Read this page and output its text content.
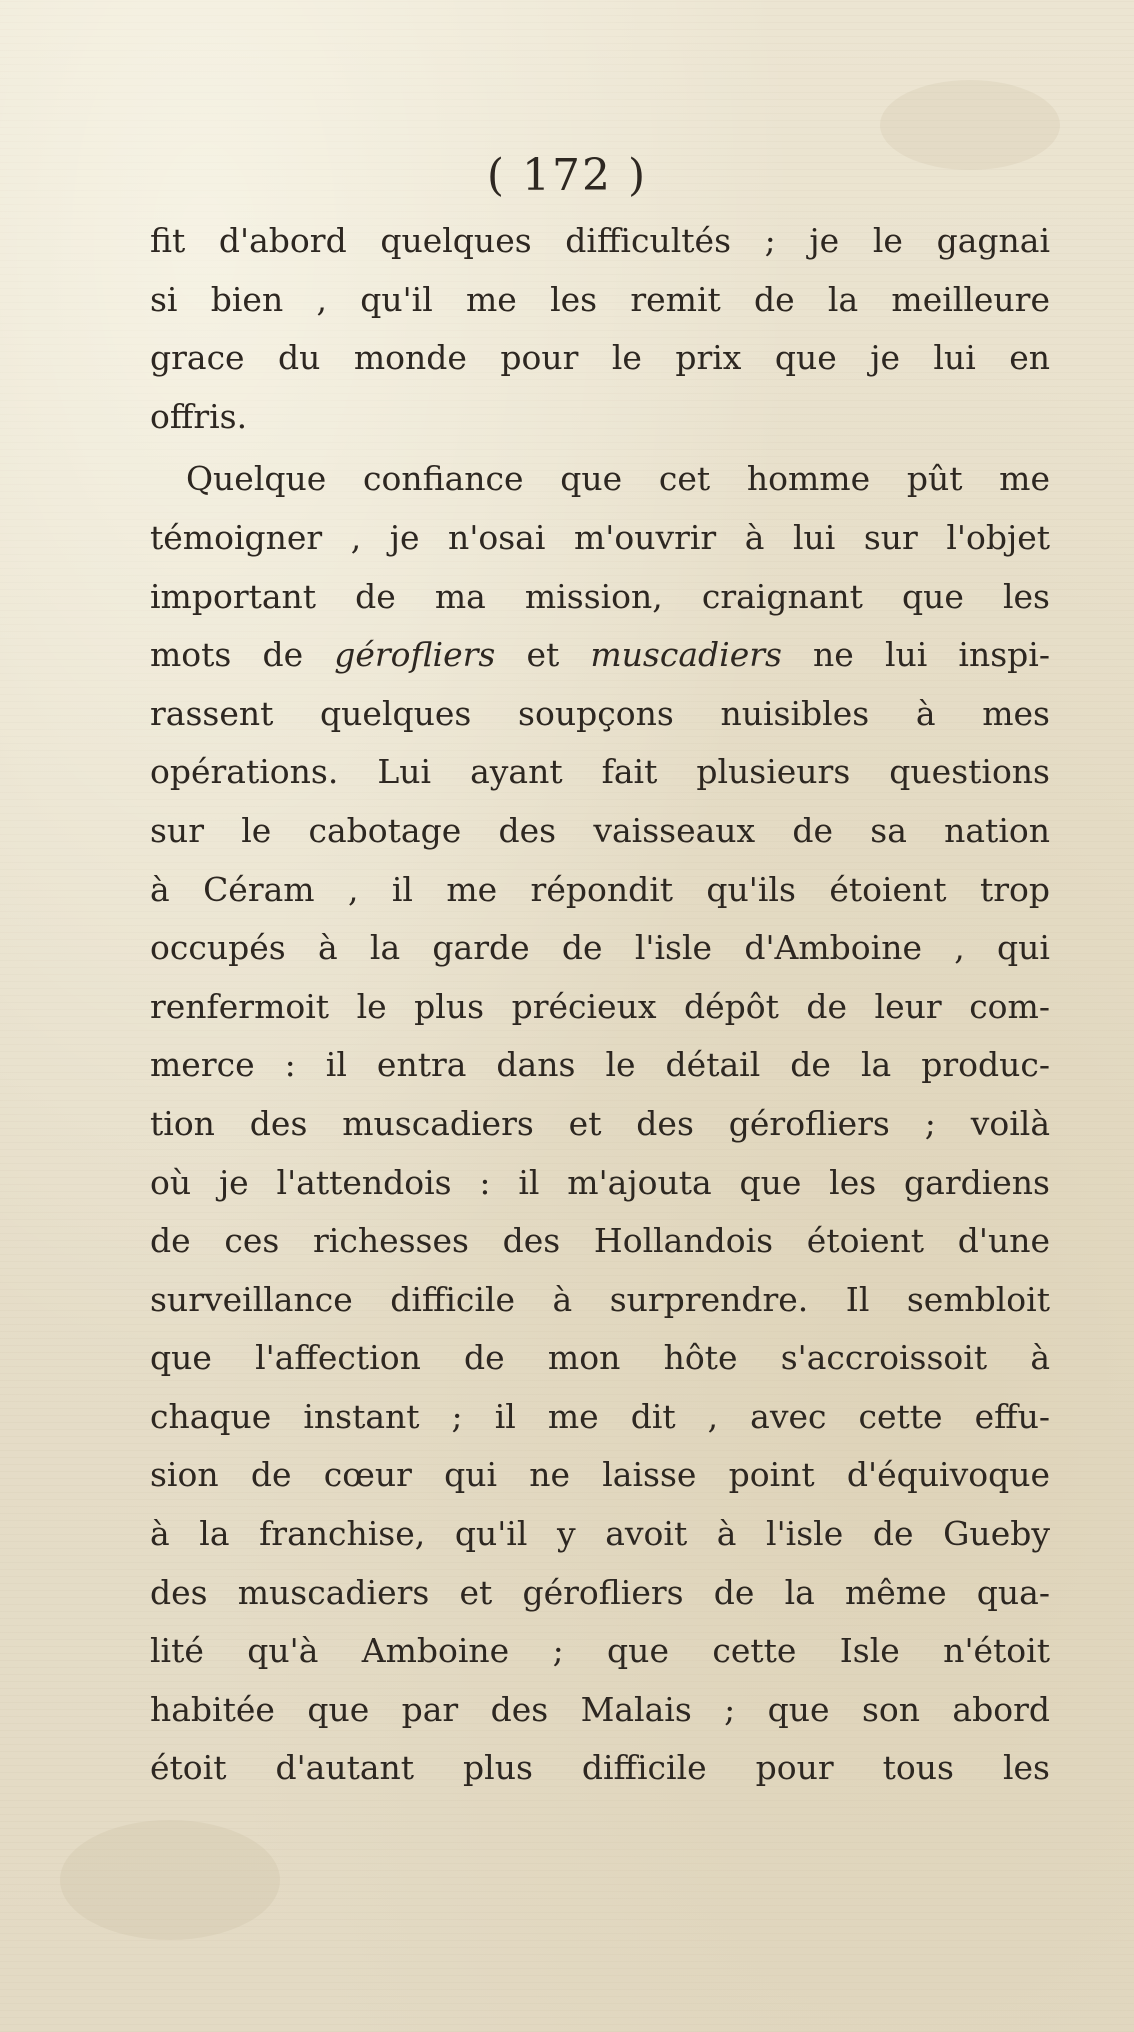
( 172 )
fit d'abord quelques difficultés ; je le gagnai
si bien , qu'il me les remit de la meilleure
grace du monde pour le prix que je lui en
offris.
Quelque confiance que cet homme pût me
témoigner , je n'osai m'ouvrir à lui sur l'objet
important de ma mission, craignant que les
mots de gérofliers et muscadiers ne lui inspi-
rassent quelques soupçons nuisibles à mes
opérations. Lui ayant fait plusieurs questions
sur le cabotage des vaisseaux de sa nation
à Céram , il me répondit qu'ils étoient trop
occupés à la garde de l'isle d'Amboine , qui
renfermoit le plus précieux dépôt de leur com-
merce : il entra dans le détail de la produc-
tion des muscadiers et des gérofliers ; voilà
où je l'attendois : il m'ajouta que les gardiens
de ces richesses des Hollandois étoient d'une
surveillance difficile à surprendre. Il sembloit
que l'affection de mon hôte s'accroissoit à
chaque instant ; il me dit , avec cette effu-
sion de cœur qui ne laisse point d'équivoque
à la franchise, qu'il y avoit à l'isle de Gueby
des muscadiers et gérofliers de la même qua-
lité qu'à Amboine ; que cette Isle n'étoit
habitée que par des Malais ; que son abord
étoit d'autant plus difficile pour tous les
